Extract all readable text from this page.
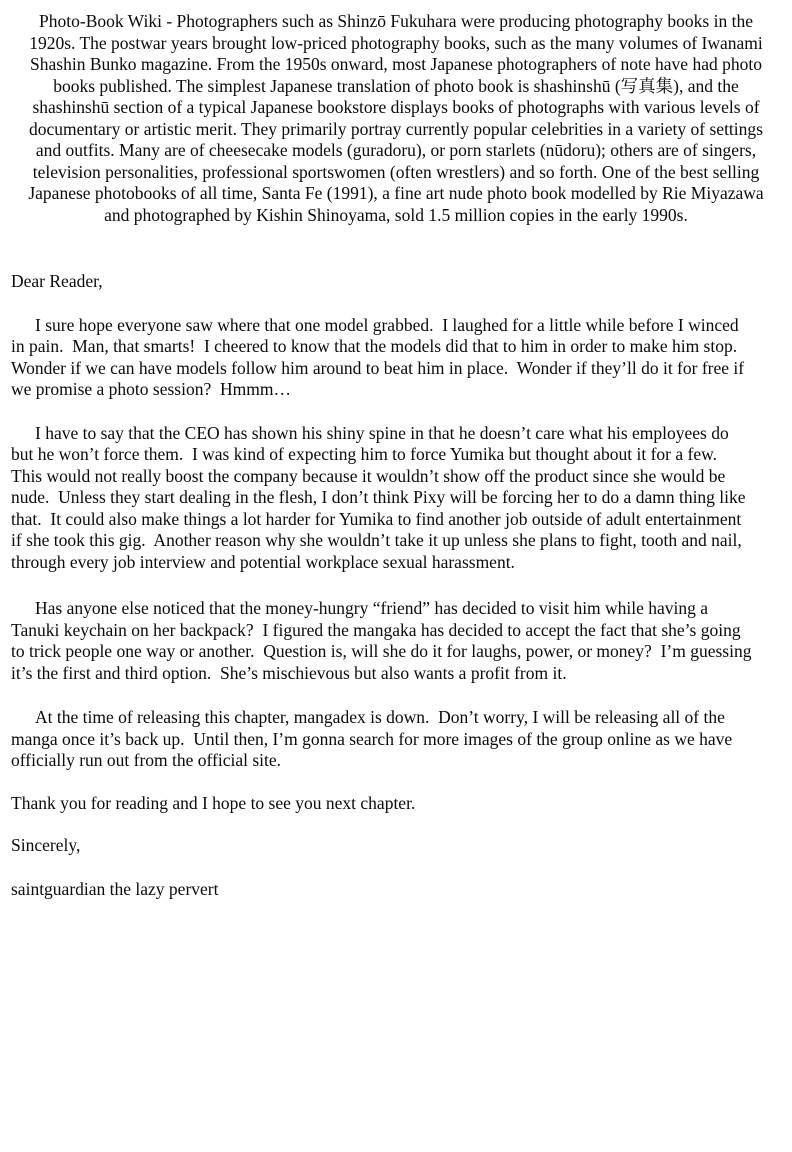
Photo-Book Wiki - Photographers such as Shinzō Fukuhara were producing photography books in the
1920s. The postwar years brought low-priced photography books, such as the many volumes of Iwanami
Shashin Bunko magazine. From the 1950s onward, most Japanese photographers of note have had photo
books published. The simplest Japanese translation of photo book is shashinshū (写真集), and the
shashinshū section of a typical Japanese bookstore displays books of photographs with various levels of
documentary or artistic merit. They primarily portray currently popular celebrities in a variety of settings
and outfits. Many are of cheesecake models (guradoru), or porn starlets (nūdoru); others are of singers,
television personalities, professional sportswomen (often wrestlers) and so forth. One of the best selling
Japanese photobooks of all time, Santa Fe (1991), a fine art nude photo book modelled by Rie Miyazawa
and photographed by Kishin Shinoyama, sold 1.5 million copies in the early 1990s.
Dear Reader,
I sure hope everyone saw where that one model grabbed.  I laughed for a little while before I winced
in pain.  Man, that smarts!  I cheered to know that the models did that to him in order to make him stop.
Wonder if we can have models follow him around to beat him in place.  Wonder if they’ll do it for free if
we promise a photo session?  Hmmm…
I have to say that the CEO has shown his shiny spine in that he doesn’t care what his employees do
but he won’t force them.  I was kind of expecting him to force Yumika but thought about it for a few.
This would not really boost the company because it wouldn’t show off the product since she would be
nude.  Unless they start dealing in the flesh, I don’t think Pixy will be forcing her to do a damn thing like
that.  It could also make things a lot harder for Yumika to find another job outside of adult entertainment
if she took this gig.  Another reason why she wouldn’t take it up unless she plans to fight, tooth and nail,
through every job interview and potential workplace sexual harassment.
Has anyone else noticed that the money-hungry “friend” has decided to visit him while having a
Tanuki keychain on her backpack?  I figured the mangaka has decided to accept the fact that she’s going
to trick people one way or another.  Question is, will she do it for laughs, power, or money?  I’m guessing
it’s the first and third option.  She’s mischievous but also wants a profit from it.
At the time of releasing this chapter, mangadex is down.  Don’t worry, I will be releasing all of the
manga once it’s back up.  Until then, I’m gonna search for more images of the group online as we have
officially run out from the official site.
Thank you for reading and I hope to see you next chapter.
Sincerely,
saintguardian the lazy pervert
